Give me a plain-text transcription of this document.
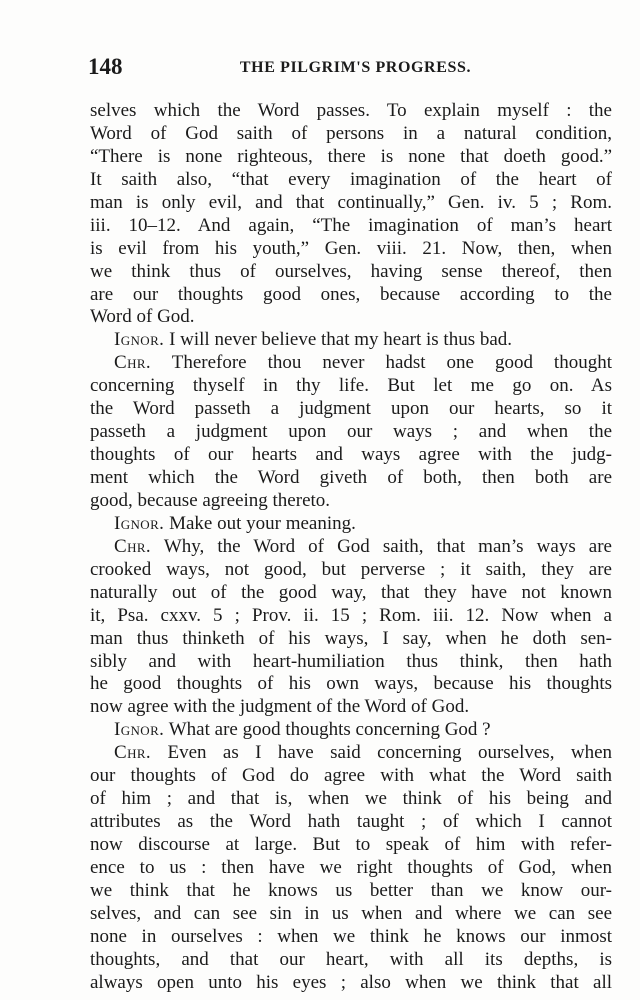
148	THE PILGRIM'S PROGRESS.
selves which the Word passes. To explain myself : the
Word of God saith of persons in a natural condition,
“There is none righteous, there is none that doeth good.”
It saith also, “that every imagination of the heart of
man is only evil, and that continually,” Gen. iv. 5 ; Rom.
iii. 10–12. And again, “The imagination of man’s heart
is evil from his youth,” Gen. viii. 21. Now, then, when
we think thus of ourselves, having sense thereof, then
are our thoughts good ones, because according to the
Word of God.
Ignor. I will never believe that my heart is thus bad.
Chr. Therefore thou never hadst one good thought
concerning thyself in thy life. But let me go on. As
the Word passeth a judgment upon our hearts, so it
passeth a judgment upon our ways ; and when the
thoughts of our hearts and ways agree with the judg-
ment which the Word giveth of both, then both are
good, because agreeing thereto.
Ignor. Make out your meaning.
Chr. Why, the Word of God saith, that man’s ways are
crooked ways, not good, but perverse ; it saith, they are
naturally out of the good way, that they have not known
it, Psa. cxxv. 5 ; Prov. ii. 15 ; Rom. iii. 12. Now when a
man thus thinketh of his ways, I say, when he doth sen-
sibly and with heart-humiliation thus think, then hath
he good thoughts of his own ways, because his thoughts
now agree with the judgment of the Word of God.
Ignor. What are good thoughts concerning God ?
Chr. Even as I have said concerning ourselves, when
our thoughts of God do agree with what the Word saith
of him ; and that is, when we think of his being and
attributes as the Word hath taught ; of which I cannot
now discourse at large. But to speak of him with refer-
ence to us : then have we right thoughts of God, when
we think that he knows us better than we know our-
selves, and can see sin in us when and where we can see
none in ourselves : when we think he knows our inmost
thoughts, and that our heart, with all its depths, is
always open unto his eyes ; also when we think that all
